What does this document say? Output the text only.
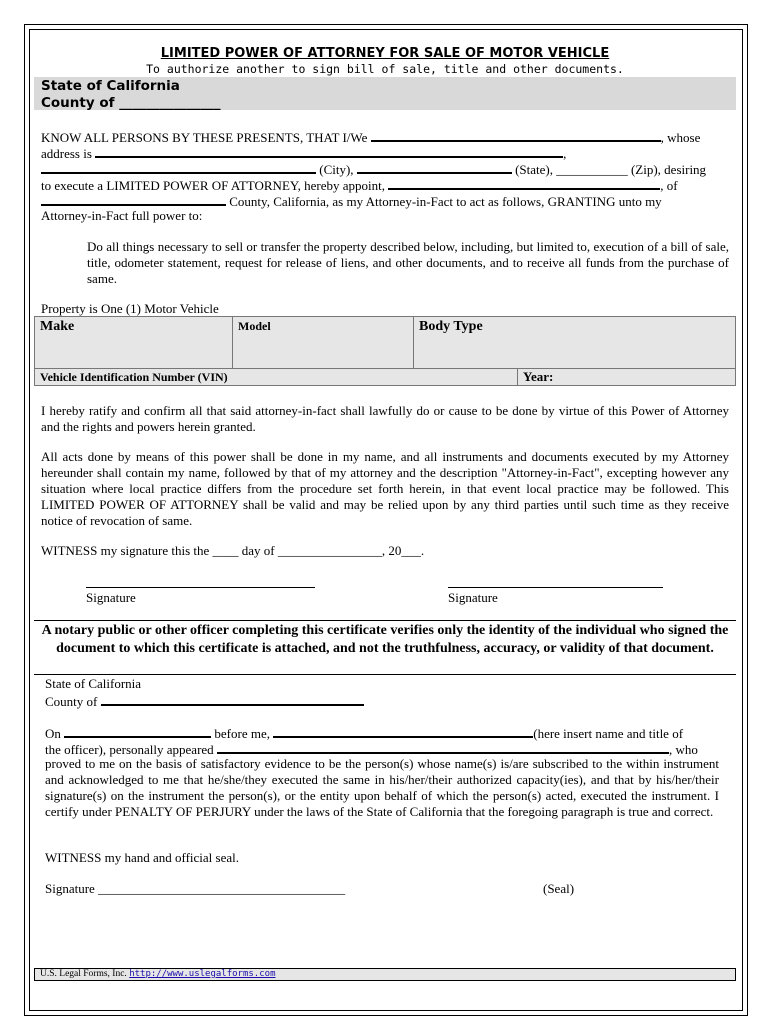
LIMITED POWER OF ATTORNEY FOR SALE OF MOTOR VEHICLE
To authorize another to sign bill of sale, title and other documents.
State of California
County of _______________
KNOW ALL PERSONS BY THESE PRESENTS, THAT I/We	, whose
address is	,
(City),	(State), ___________ (Zip), desiring
to execute a LIMITED POWER OF ATTORNEY, hereby appoint,	, of
County, California, as my Attorney-in-Fact to act as follows, GRANTING unto my
Attorney-in-Fact full power to:
Do all things necessary to sell or transfer the property described below, including, but limited to, execution of a bill of sale, title, odometer statement, request for release of liens, and other documents, and to receive all funds from the purchase of same.
Property is One (1) Motor Vehicle
Make	Model	Body Type
Vehicle Identification Number (VIN)	Year:
I hereby ratify and confirm all that said attorney-in-fact shall lawfully do or cause to be done by virtue of this Power of Attorney and the rights and powers herein granted.
All acts done by means of this power shall be done in my name, and all instruments and documents executed by my Attorney hereunder shall contain my name, followed by that of my attorney and the description "Attorney-in-Fact", excepting however any situation where local practice differs from the procedure set forth herein, in that event local practice may be followed. This LIMITED POWER OF ATTORNEY shall be valid and may be relied upon by any third parties until such time as they receive notice of revocation of same.
WITNESS my signature this the ____ day of ________________, 20___.
Signature	Signature
A notary public or other officer completing this certificate verifies only the identity of the individual who signed the document to which this certificate is attached, and not the truthfulness, accuracy, or validity of that document.
State of California
County of
On	before me,	(here insert name and title of
the officer), personally appeared	, who
proved to me on the basis of satisfactory evidence to be the person(s) whose name(s) is/are subscribed to the within instrument and acknowledged to me that he/she/they executed the same in his/her/their authorized capacity(ies), and that by his/her/their signature(s) on the instrument the person(s), or the entity upon behalf of which the person(s) acted, executed the instrument. I certify under PENALTY OF PERJURY under the laws of the State of California that the foregoing paragraph is true and correct.
WITNESS my hand and official seal.
Signature ______________________________________	(Seal)
U.S. Legal Forms, Inc. http://www.uslegalforms.com
